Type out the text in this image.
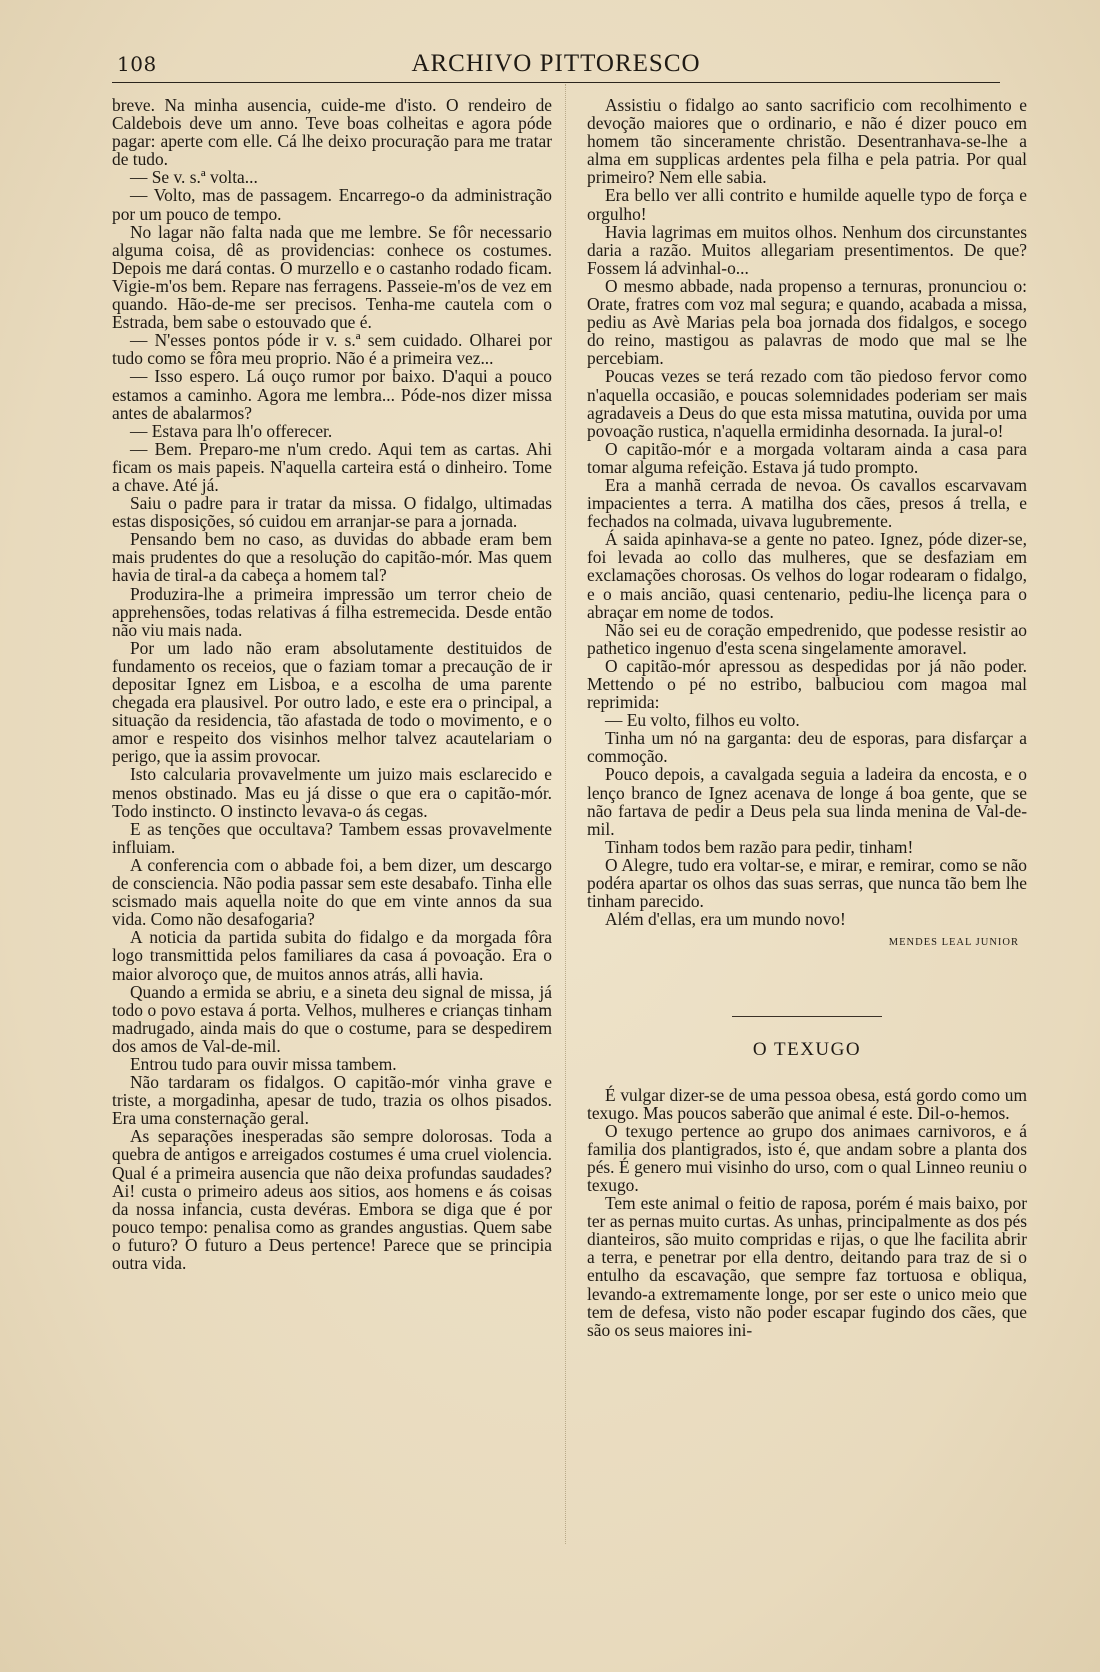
108	ARCHIVO PITTORESCO

breve. Na minha ausencia, cuide-me d'isto. O rendeiro de Caldebois deve um anno. Teve boas colheitas e agora póde pagar: aperte com elle. Cá lhe deixo procuração para me tratar de tudo.

— Se v. s.ª volta...

— Volto, mas de passagem. Encarrego-o da administração por um pouco de tempo.

No lagar não falta nada que me lembre. Se fôr necessario alguma coisa, dê as providencias: conhece os costumes. Depois me dará contas. O murzello e o castanho rodado ficam. Vigie-m'os bem. Repare nas ferragens. Passeie-m'os de vez em quando. Hão-de-me ser precisos. Tenha-me cautela com o Estrada, bem sabe o estouvado que é.

— N'esses pontos póde ir v. s.ª sem cuidado. Olharei por tudo como se fôra meu proprio. Não é a primeira vez...

— Isso espero. Lá ouço rumor por baixo. D'aqui a pouco estamos a caminho. Agora me lembra... Póde-nos dizer missa antes de abalarmos?

— Estava para lh'o offerecer.

— Bem. Preparo-me n'um credo. Aqui tem as cartas. Ahi ficam os mais papeis. N'aquella carteira está o dinheiro. Tome a chave. Até já.

Saiu o padre para ir tratar da missa. O fidalgo, ultimadas estas disposições, só cuidou em arranjar-se para a jornada.

Pensando bem no caso, as duvidas do abbade eram bem mais prudentes do que a resolução do capitão-mór. Mas quem havia de tiral-a da cabeça a homem tal?

Produzira-lhe a primeira impressão um terror cheio de apprehensões, todas relativas á filha estremecida. Desde então não viu mais nada.

Por um lado não eram absolutamente destituidos de fundamento os receios, que o faziam tomar a precaução de ir depositar Ignez em Lisboa, e a escolha de uma parente chegada era plausivel. Por outro lado, e este era o principal, a situação da residencia, tão afastada de todo o movimento, e o amor e respeito dos visinhos melhor talvez acautelariam o perigo, que ia assim provocar.

Isto calcularia provavelmente um juizo mais esclarecido e menos obstinado. Mas eu já disse o que era o capitão-mór. Todo instincto. O instincto levava-o ás cegas.

E as tenções que occultava? Tambem essas provavelmente influiam.

A conferencia com o abbade foi, a bem dizer, um descargo de consciencia. Não podia passar sem este desabafo. Tinha elle scismado mais aquella noite do que em vinte annos da sua vida. Como não desafogaria?

A noticia da partida subita do fidalgo e da morgada fôra logo transmittida pelos familiares da casa á povoação. Era o maior alvoroço que, de muitos annos atrás, alli havia.

Quando a ermida se abriu, e a sineta deu signal de missa, já todo o povo estava á porta. Velhos, mulheres e crianças tinham madrugado, ainda mais do que o costume, para se despedirem dos amos de Val-de-mil.

Entrou tudo para ouvir missa tambem.

Não tardaram os fidalgos. O capitão-mór vinha grave e triste, a morgadinha, apesar de tudo, trazia os olhos pisados. Era uma consternação geral.

As separações inesperadas são sempre dolorosas. Toda a quebra de antigos e arreigados costumes é uma cruel violencia. Qual é a primeira ausencia que não deixa profundas saudades? Ai! custa o primeiro adeus aos sitios, aos homens e ás coisas da nossa infancia, custa devéras. Embora se diga que é por pouco tempo: penalisa como as grandes angustias. Quem sabe o futuro? O futuro a Deus pertence! Parece que se principia outra vida.

Assistiu o fidalgo ao santo sacrificio com recolhimento e devoção maiores que o ordinario, e não é dizer pouco em homem tão sinceramente christão. Desentranhava-se-lhe a alma em supplicas ardentes pela filha e pela patria. Por qual primeiro? Nem elle sabia.

Era bello ver alli contrito e humilde aquelle typo de força e orgulho!

Havia lagrimas em muitos olhos. Nenhum dos circunstantes daria a razão. Muitos allegariam presentimentos. De que? Fossem lá advinhal-o...

O mesmo abbade, nada propenso a ternuras, pronunciou o: Orate, fratres com voz mal segura; e quando, acabada a missa, pediu as Avè Marias pela boa jornada dos fidalgos, e socego do reino, mastigou as palavras de modo que mal se lhe percebiam.

Poucas vezes se terá rezado com tão piedoso fervor como n'aquella occasião, e poucas solemnidades poderiam ser mais agradaveis a Deus do que esta missa matutina, ouvida por uma povoação rustica, n'aquella ermidinha desornada. Ia jural-o!

O capitão-mór e a morgada voltaram ainda a casa para tomar alguma refeição. Estava já tudo prompto.

Era a manhã cerrada de nevoa. Os cavallos escarvavam impacientes a terra. A matilha dos cães, presos á trella, e fechados na colmada, uivava lugubremente.

Á saida apinhava-se a gente no pateo. Ignez, póde dizer-se, foi levada ao collo das mulheres, que se desfaziam em exclamações chorosas. Os velhos do logar rodearam o fidalgo, e o mais ancião, quasi centenario, pediu-lhe licença para o abraçar em nome de todos.

Não sei eu de coração empedrenido, que podesse resistir ao pathetico ingenuo d'esta scena singelamente amoravel.

O capitão-mór apressou as despedidas por já não poder. Mettendo o pé no estribo, balbuciou com magoa mal reprimida:

— Eu volto, filhos eu volto.

Tinha um nó na garganta: deu de esporas, para disfarçar a commoção.

Pouco depois, a cavalgada seguia a ladeira da encosta, e o lenço branco de Ignez acenava de longe á boa gente, que se não fartava de pedir a Deus pela sua linda menina de Val-de-mil.

Tinham todos bem razão para pedir, tinham!

O Alegre, tudo era voltar-se, e mirar, e remirar, como se não podéra apartar os olhos das suas serras, que nunca tão bem lhe tinham parecido.

Além d'ellas, era um mundo novo!

MENDES LEAL JUNIOR
O TEXUGO

É vulgar dizer-se de uma pessoa obesa, está gordo como um texugo. Mas poucos saberão que animal é este. Dil-o-hemos.

O texugo pertence ao grupo dos animaes carnivoros, e á familia dos plantigrados, isto é, que andam sobre a planta dos pés. É genero mui visinho do urso, com o qual Linneo reuniu o texugo.

Tem este animal o feitio de raposa, porém é mais baixo, por ter as pernas muito curtas. As unhas, principalmente as dos pés dianteiros, são muito compridas e rijas, o que lhe facilita abrir a terra, e penetrar por ella dentro, deitando para traz de si o entulho da escavação, que sempre faz tortuosa e obliqua, levando-a extremamente longe, por ser este o unico meio que tem de defesa, visto não poder escapar fugindo dos cães, que são os seus maiores ini-
